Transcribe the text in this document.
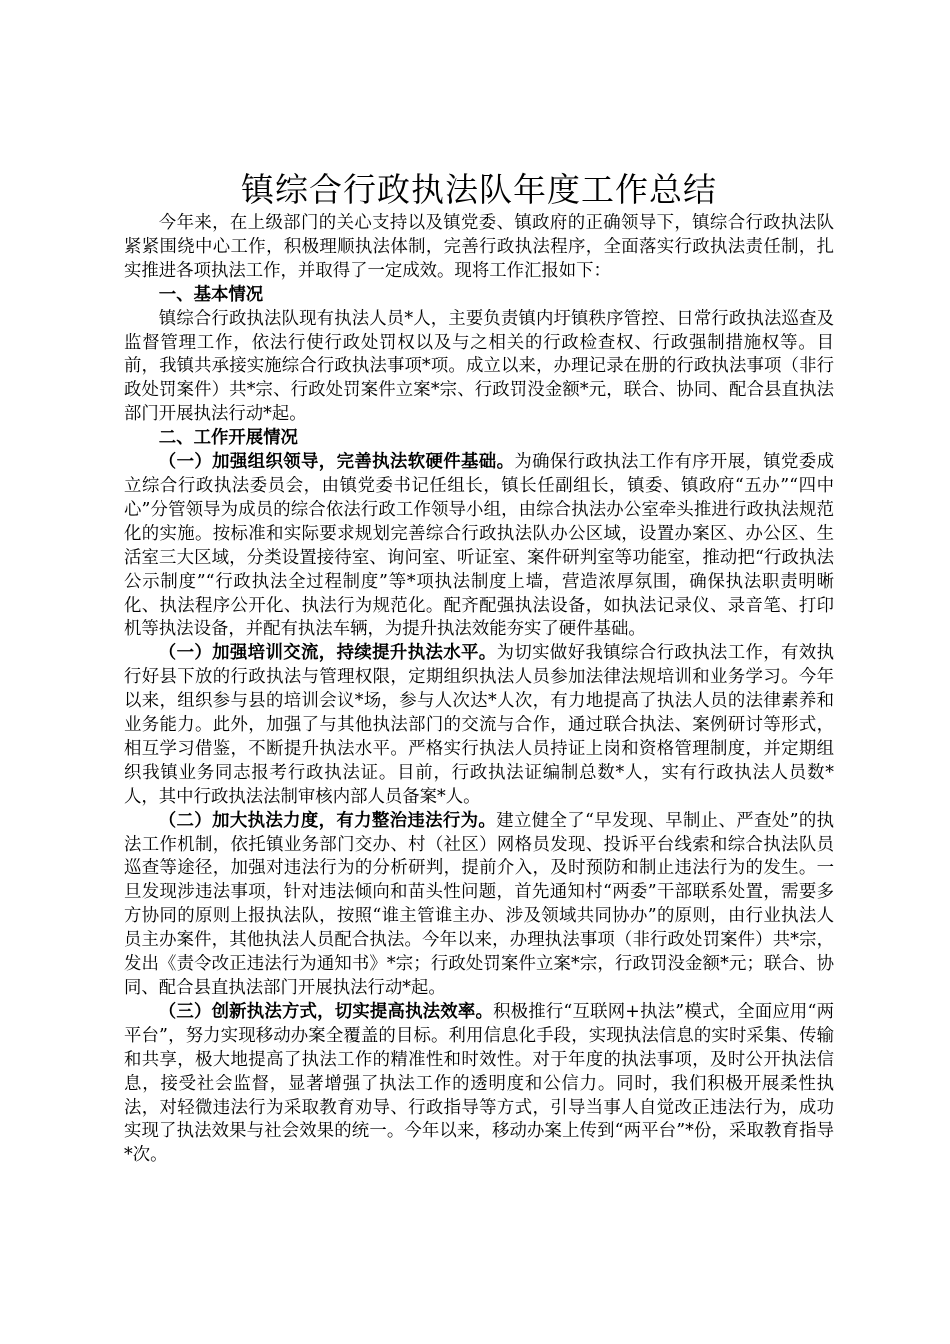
镇综合行政执法队年度工作总结

今年来，在上级部门的关心支持以及镇党委、镇政府的正确领导下，镇综合行政执法队紧紧围绕中心工作，积极理顺执法体制，完善行政执法程序，全面落实行政执法责任制，扎实推进各项执法工作，并取得了一定成效。现将工作汇报如下：

一、基本情况

镇综合行政执法队现有执法人员*人，主要负责镇内圩镇秩序管控、日常行政执法巡查及监督管理工作，依法行使行政处罚权以及与之相关的行政检查权、行政强制措施权等。目前，我镇共承接实施综合行政执法事项*项。成立以来，办理记录在册的行政执法事项（非行政处罚案件）共*宗、行政处罚案件立案*宗、行政罚没金额*元，联合、协同、配合县直执法部门开展执法行动*起。

二、工作开展情况

（一）加强组织领导，完善执法软硬件基础。为确保行政执法工作有序开展，镇党委成立综合行政执法委员会，由镇党委书记任组长，镇长任副组长，镇委、镇政府“五办”“四中心”分管领导为成员的综合依法行政工作领导小组，由综合执法办公室牵头推进行政执法规范化的实施。按标准和实际要求规划完善综合行政执法队办公区域，设置办案区、办公区、生活室三大区域，分类设置接待室、询问室、听证室、案件研判室等功能室，推动把“行政执法公示制度”“行政执法全过程制度”等*项执法制度上墙，营造浓厚氛围，确保执法职责明晰化、执法程序公开化、执法行为规范化。配齐配强执法设备，如执法记录仪、录音笔、打印机等执法设备，并配有执法车辆，为提升执法效能夯实了硬件基础。

（一）加强培训交流，持续提升执法水平。为切实做好我镇综合行政执法工作，有效执行好县下放的行政执法与管理权限，定期组织执法人员参加法律法规培训和业务学习。今年以来，组织参与县的培训会议*场，参与人次达*人次，有力地提高了执法人员的法律素养和业务能力。此外，加强了与其他执法部门的交流与合作，通过联合执法、案例研讨等形式，相互学习借鉴，不断提升执法水平。严格实行执法人员持证上岗和资格管理制度，并定期组织我镇业务同志报考行政执法证。目前，行政执法证编制总数*人，实有行政执法人员数*人，其中行政执法法制审核内部人员备案*人。

（二）加大执法力度，有力整治违法行为。建立健全了“早发现、早制止、严查处”的执法工作机制，依托镇业务部门交办、村（社区）网格员发现、投诉平台线索和综合执法队员巡查等途径，加强对违法行为的分析研判，提前介入，及时预防和制止违法行为的发生。一旦发现涉违法事项，针对违法倾向和苗头性问题，首先通知村“两委”干部联系处置，需要多方协同的原则上报执法队，按照“谁主管谁主办、涉及领域共同协办”的原则，由行业执法人员主办案件，其他执法人员配合执法。今年以来，办理执法事项（非行政处罚案件）共*宗，发出《责令改正违法行为通知书》*宗；行政处罚案件立案*宗，行政罚没金额*元；联合、协同、配合县直执法部门开展执法行动*起。

（三）创新执法方式，切实提高执法效率。积极推行“互联网+执法”模式，全面应用“两平台”，努力实现移动办案全覆盖的目标。利用信息化手段，实现执法信息的实时采集、传输和共享，极大地提高了执法工作的精准性和时效性。对于年度的执法事项，及时公开执法信息，接受社会监督，显著增强了执法工作的透明度和公信力。同时，我们积极开展柔性执法，对轻微违法行为采取教育劝导、行政指导等方式，引导当事人自觉改正违法行为，成功实现了执法效果与社会效果的统一。今年以来，移动办案上传到“两平台”*份，采取教育指导*次。
